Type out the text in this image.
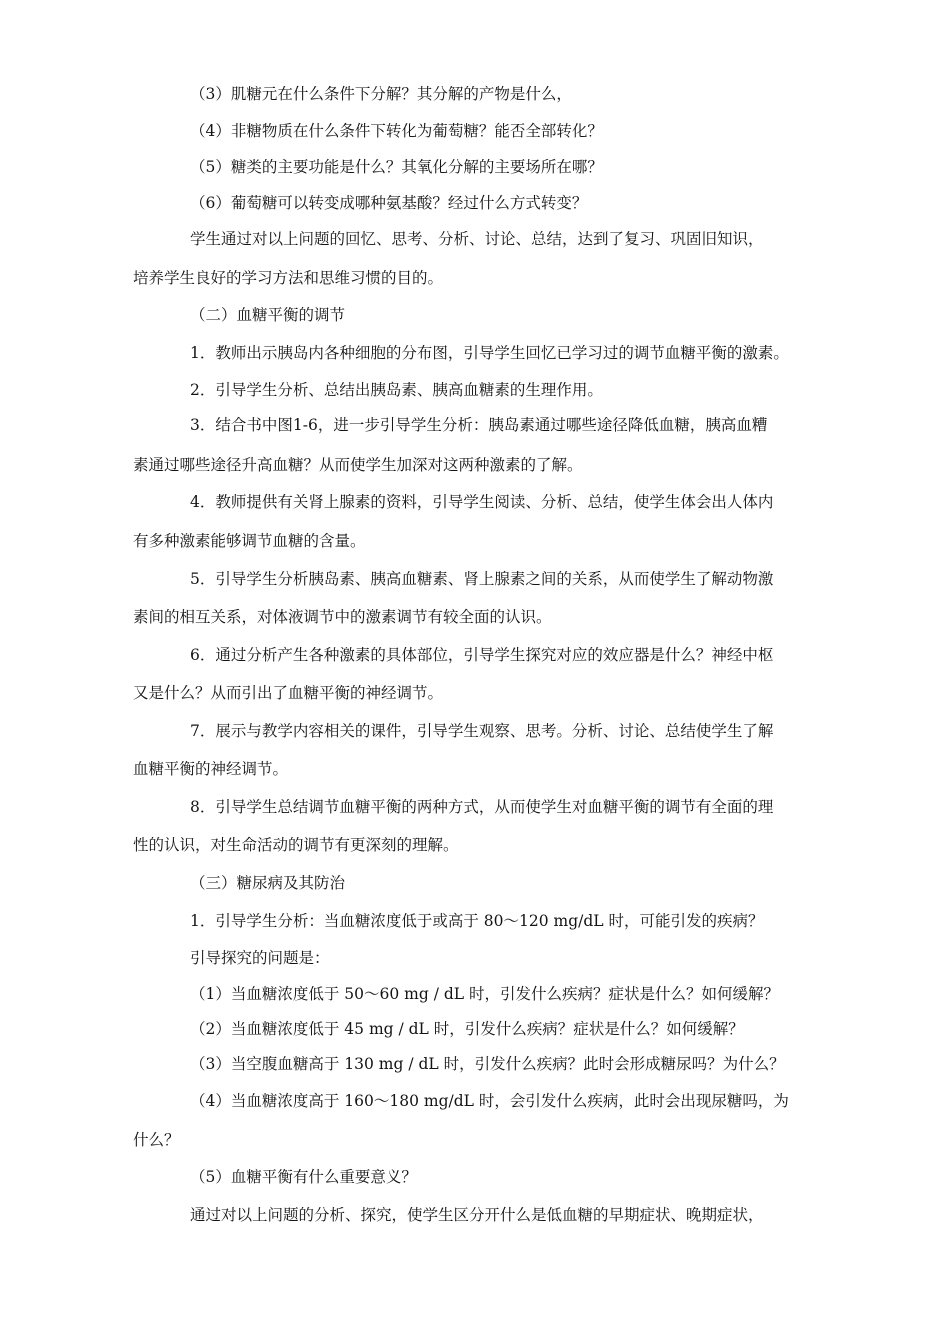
（3）肌糖元在什么条件下分解？其分解的产物是什么，
（4）非糖物质在什么条件下转化为葡萄糖？能否全部转化？
（5）糖类的主要功能是什么？其氧化分解的主要场所在哪？
（6）葡萄糖可以转变成哪种氨基酸？经过什么方式转变？
学生通过对以上问题的回忆、思考、分析、讨论、总结，达到了复习、巩固旧知识，
培养学生良好的学习方法和思维习惯的目的。
（二）血糖平衡的调节
1．教师出示胰岛内各种细胞的分布图，引导学生回忆已学习过的调节血糖平衡的激素。
2．引导学生分析、总结出胰岛素、胰高血糖素的生理作用。
3．结合书中图1-6，进一步引导学生分析：胰岛素通过哪些途径降低血糖，胰高血糟
素通过哪些途径升高血糖？从而使学生加深对这两种激素的了解。
4．教师提供有关肾上腺素的资料，引导学生阅读、分析、总结，使学生体会出人体内
有多种激素能够调节血糖的含量。
5．引导学生分析胰岛素、胰高血糖素、肾上腺素之间的关系，从而使学生了解动物激
素间的相互关系，对体液调节中的激素调节有较全面的认识。
6．通过分析产生各种激素的具体部位，引导学生探究对应的效应器是什么？神经中枢
又是什么？从而引出了血糖平衡的神经调节。
7．展示与教学内容相关的课件，引导学生观察、思考。分析、讨论、总结使学生了解
血糖平衡的神经调节。
8．引导学生总结调节血糖平衡的两种方式，从而使学生对血糖平衡的调节有全面的理
性的认识，对生命活动的调节有更深刻的理解。
（三）糖尿病及其防治
1．引导学生分析：当血糖浓度低于或高于 80～120 mg/dL 时，可能引发的疾病？
引导探究的问题是：
（1）当血糖浓度低于 50～60 mg / dL 时，引发什么疾病？症状是什么？如何缓解？
（2）当血糖浓度低于 45 mg / dL 时，引发什么疾病？症状是什么？如何缓解？
（3）当空腹血糖高于 130 mg / dL 时，引发什么疾病？此时会形成糖尿吗？为什么？
（4）当血糖浓度高于 160～180 mg/dL 时，会引发什么疾病，此时会出现尿糖吗，为
什么？
（5）血糖平衡有什么重要意义？
通过对以上问题的分析、探究，使学生区分开什么是低血糖的早期症状、晚期症状，
